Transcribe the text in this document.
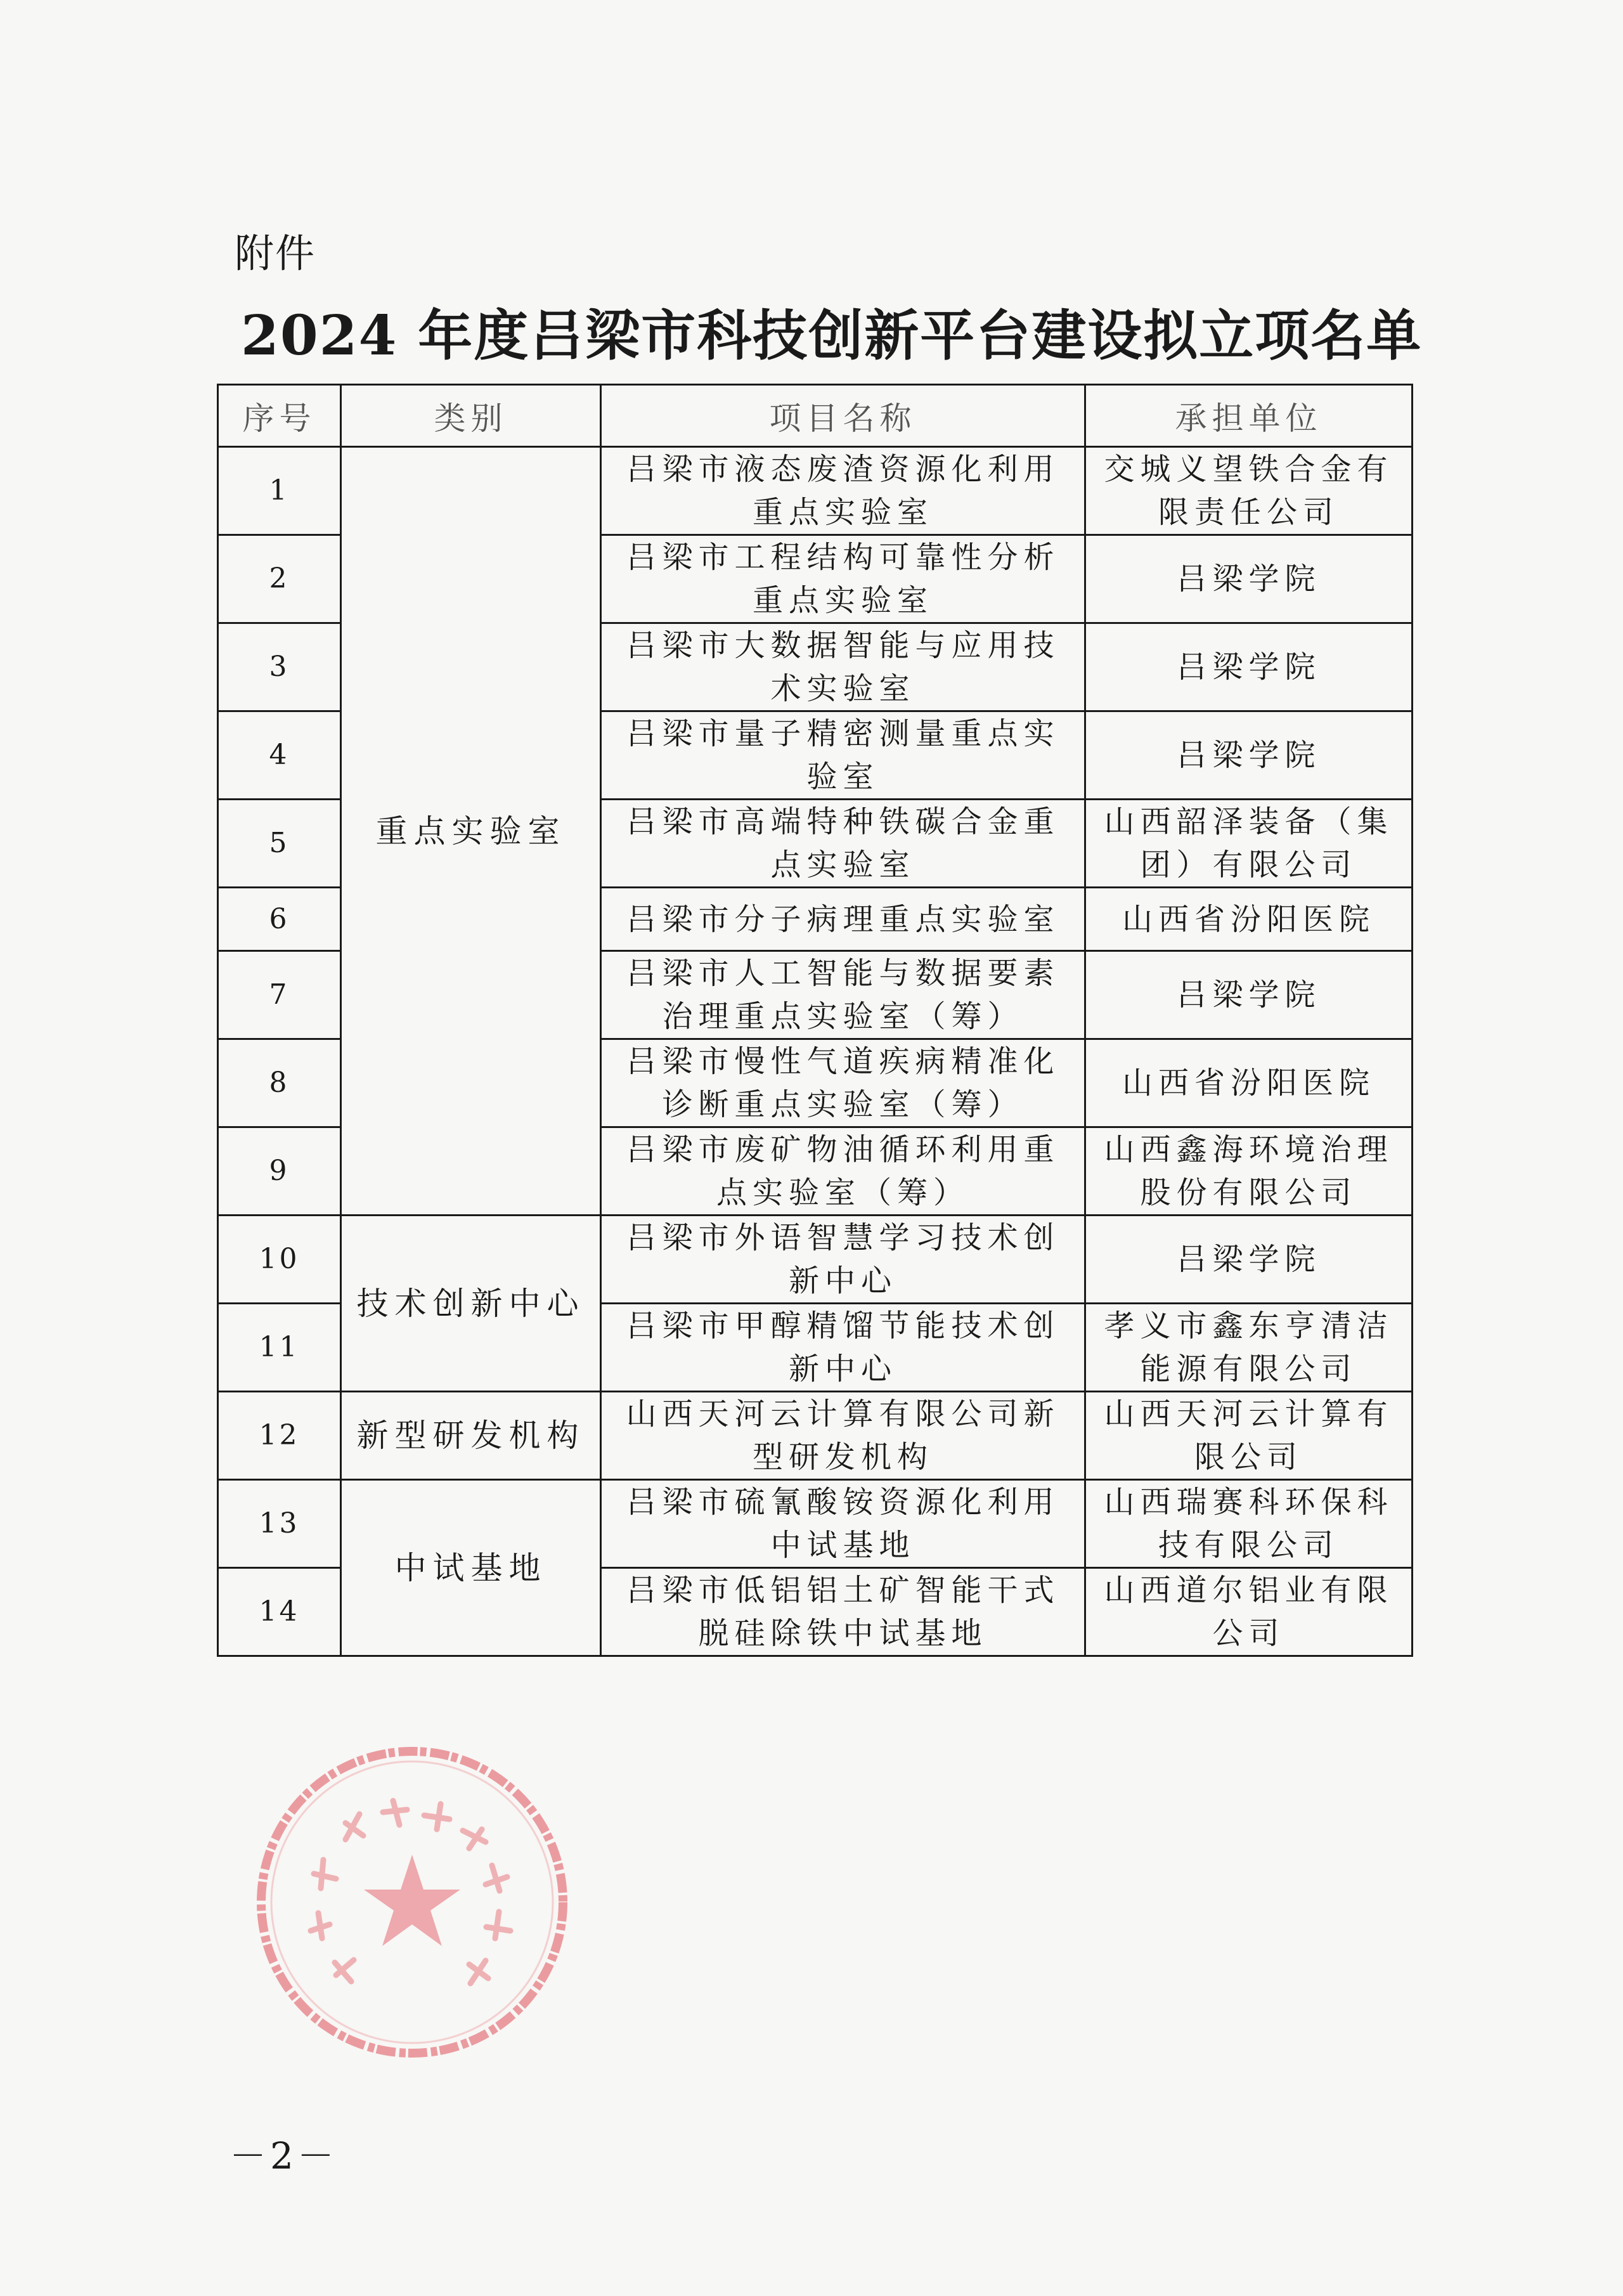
附件
2024 年度吕梁市科技创新平台建设拟立项名单
序号	类别	项目名称	承担单位
1	重点实验室	吕梁市液态废渣资源化利用重点实验室	交城义望铁合金有限责任公司
2		吕梁市工程结构可靠性分析重点实验室	吕梁学院
3		吕梁市大数据智能与应用技术实验室	吕梁学院
4		吕梁市量子精密测量重点实验室	吕梁学院
5		吕梁市高端特种铁碳合金重点实验室	山西韶泽装备（集团）有限公司
6		吕梁市分子病理重点实验室	山西省汾阳医院
7		吕梁市人工智能与数据要素治理重点实验室（筹）	吕梁学院
8		吕梁市慢性气道疾病精准化诊断重点实验室（筹）	山西省汾阳医院
9		吕梁市废矿物油循环利用重点实验室（筹）	山西鑫海环境治理股份有限公司
10	技术创新中心	吕梁市外语智慧学习技术创新中心	吕梁学院
11		吕梁市甲醇精馏节能技术创新中心	孝义市鑫东亨清洁能源有限公司
12	新型研发机构	山西天河云计算有限公司新型研发机构	山西天河云计算有限公司
13	中试基地	吕梁市硫氰酸铵资源化利用中试基地	山西瑞赛科环保科技有限公司
14		吕梁市低铝铝土矿智能干式脱硅除铁中试基地	山西道尔铝业有限公司
－2－
